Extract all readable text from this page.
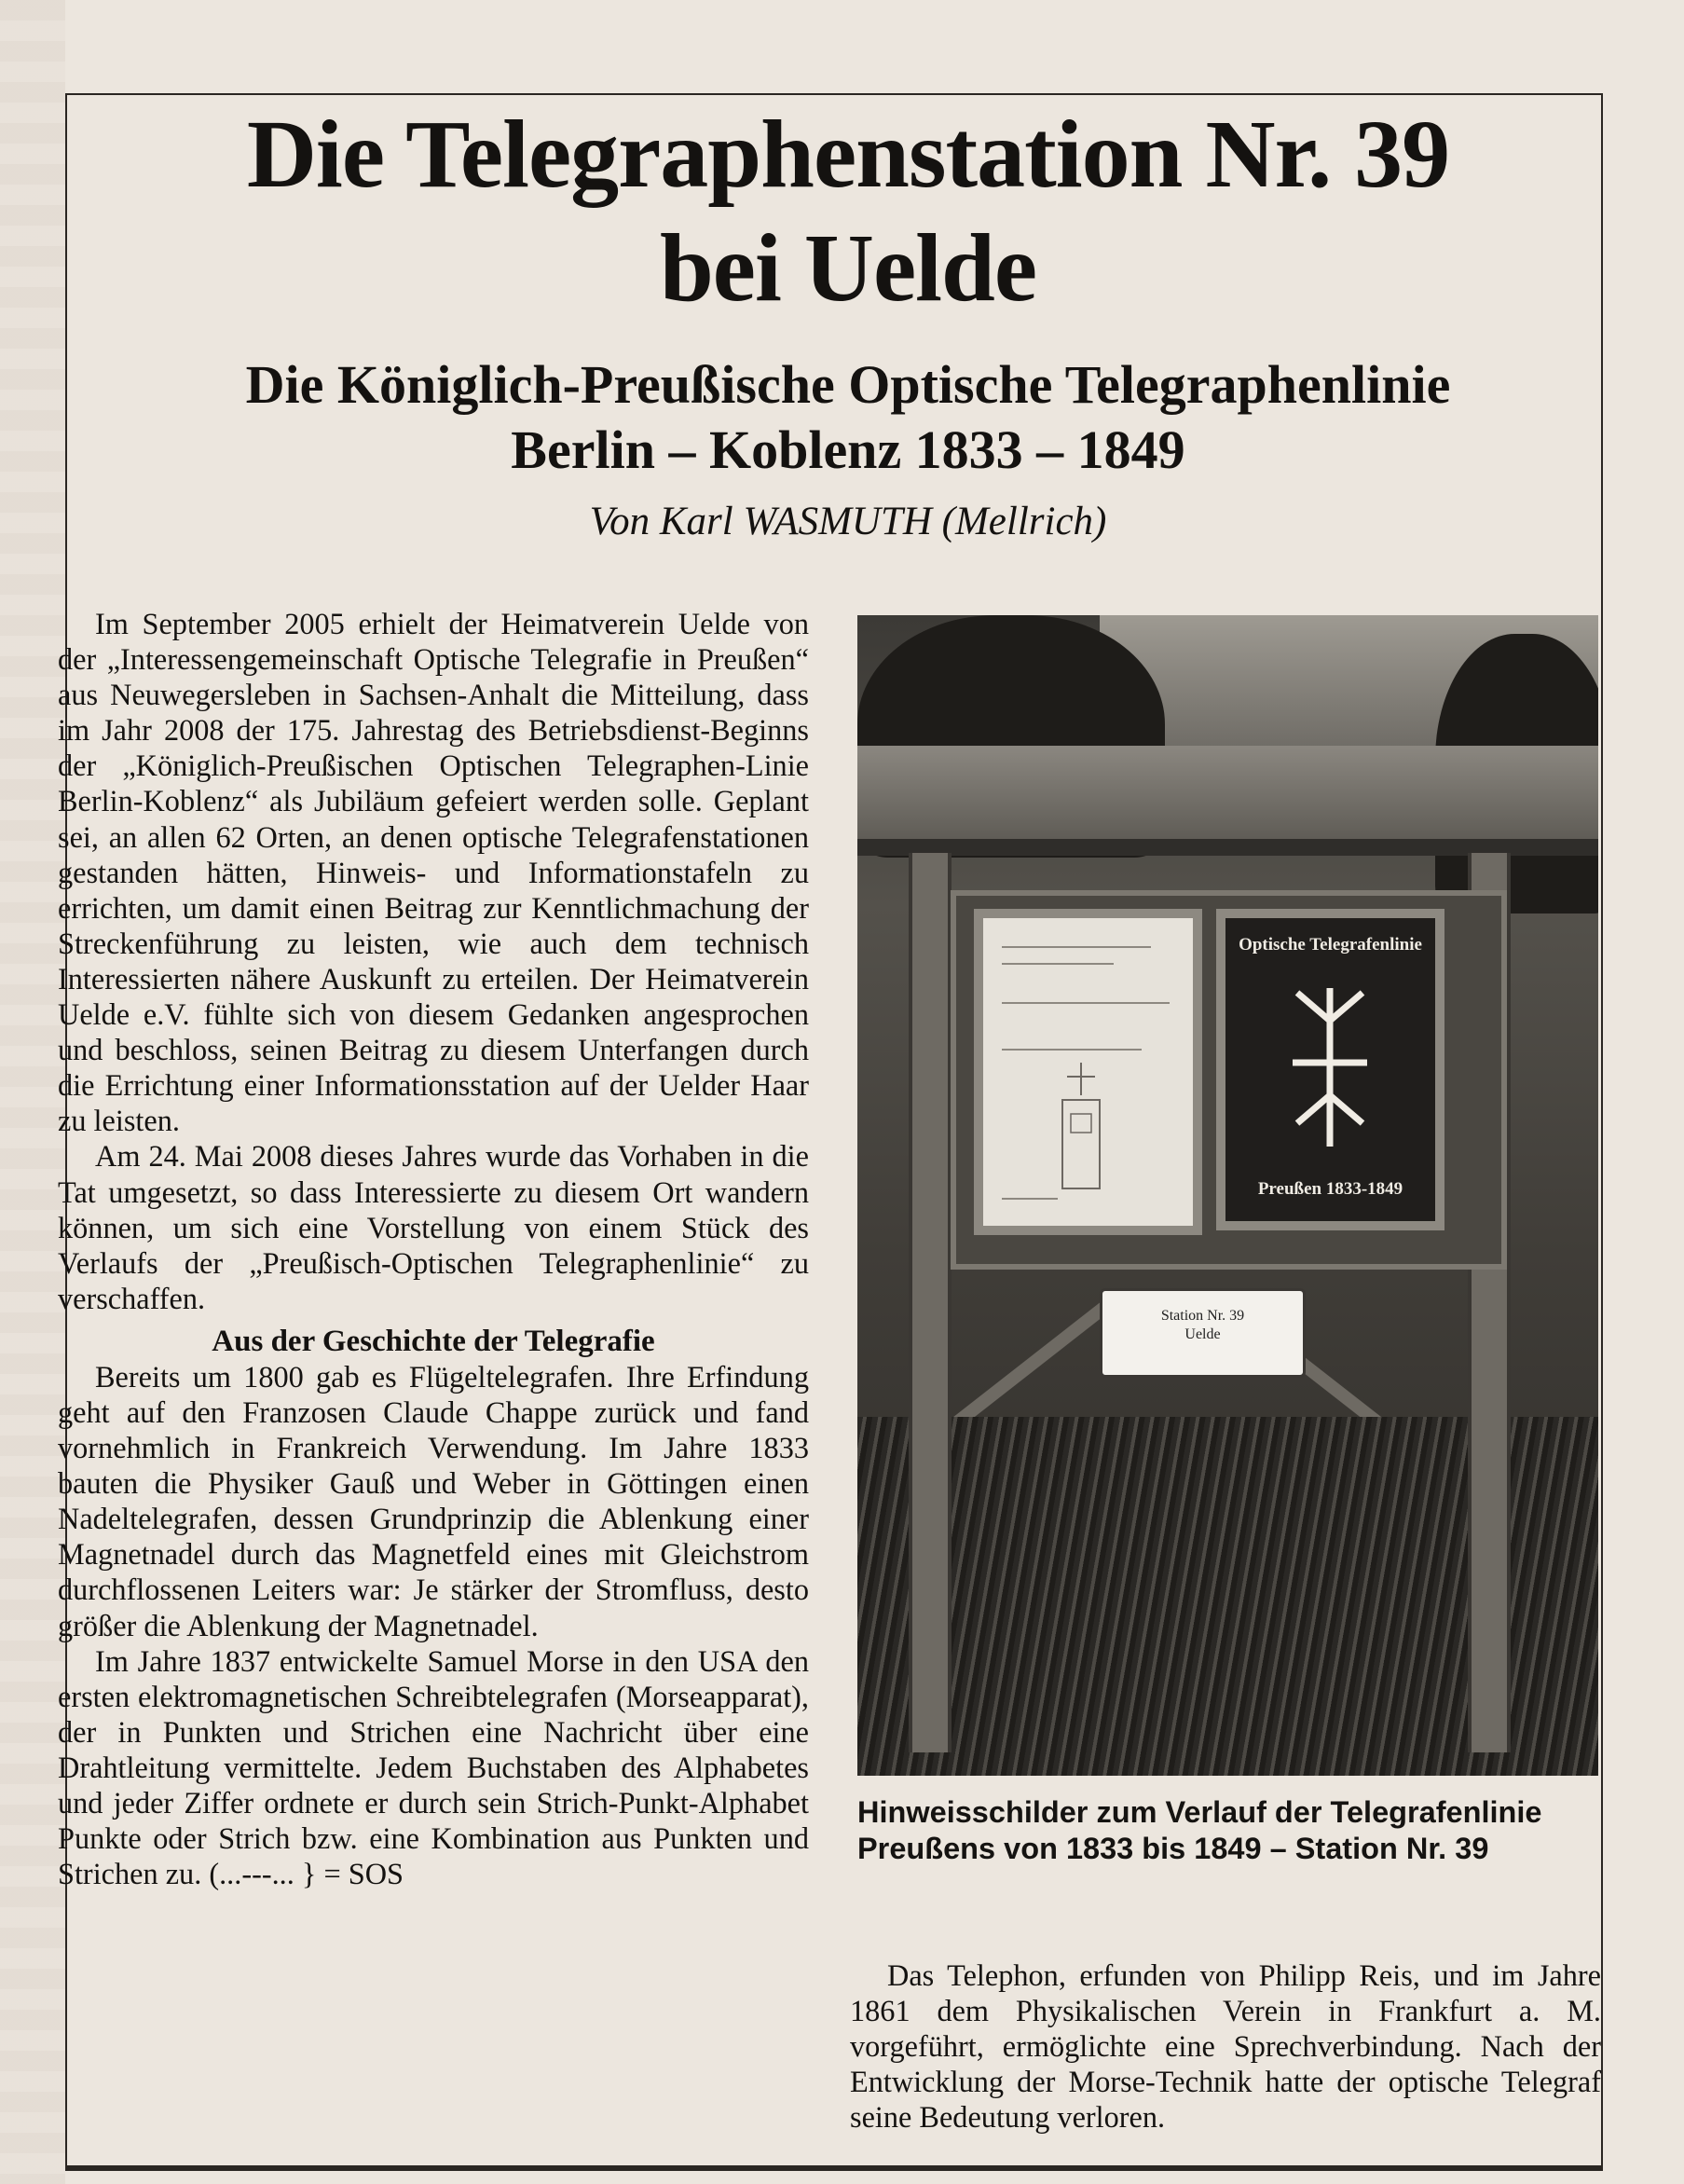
Die Telegraphenstation Nr. 39
bei Uelde
Die Königlich-Preußische Optische Telegraphenlinie
Berlin – Koblenz 1833 – 1849
Von Karl WASMUTH (Mellrich)

Im September 2005 erhielt der Heimatverein Uelde von der „Interessengemeinschaft Optische Telegrafie in Preußen“ aus Neuwegersleben in Sachsen-Anhalt die Mitteilung, dass im Jahr 2008 der 175. Jahrestag des Betriebsdienst-Beginns der „Königlich-Preußischen Optischen Telegraphen-Linie Berlin-Koblenz“ als Jubiläum gefeiert werden solle. Geplant sei, an allen 62 Orten, an denen optische Telegrafenstationen gestanden hätten, Hinweis- und Informationstafeln zu errichten, um damit einen Beitrag zur Kenntlichmachung der Streckenführung zu leisten, wie auch dem technisch Interessierten nähere Auskunft zu erteilen. Der Heimatverein Uelde e.V. fühlte sich von diesem Gedanken angesprochen und beschloss, seinen Beitrag zu diesem Unterfangen durch die Errichtung einer Informationsstation auf der Uelder Haar zu leisten.

Am 24. Mai 2008 dieses Jahres wurde das Vorhaben in die Tat umgesetzt, so dass Interessierte zu diesem Ort wandern können, um sich eine Vorstellung von einem Stück des Verlaufs der „Preußisch-Optischen Telegraphenlinie“ zu verschaffen.

Aus der Geschichte der Telegrafie

Bereits um 1800 gab es Flügeltelegrafen. Ihre Erfindung geht auf den Franzosen Claude Chappe zurück und fand vornehmlich in Frankreich Verwendung. Im Jahre 1833 bauten die Physiker Gauß und Weber in Göttingen einen Nadeltelegrafen, dessen Grundprinzip die Ablenkung einer Magnetnadel durch das Magnetfeld eines mit Gleichstrom durchflossenen Leiters war: Je stärker der Stromfluss, desto größer die Ablenkung der Magnetnadel.

Im Jahre 1837 entwickelte Samuel Morse in den USA den ersten elektromagnetischen Schreibtelegrafen (Morseapparat), der in Punkten und Strichen eine Nachricht über eine Drahtleitung vermittelte. Jedem Buchstaben des Alphabetes und jeder Ziffer ordnete er durch sein Strich-Punkt-Alphabet Punkte oder Strich bzw. eine Kombination aus Punkten und Strichen zu. (...---... } = SOS

Optische Telegrafenlinie
Preußen 1833-1849
Station Nr. 39
Uelde
Hinweisschilder zum Verlauf der Telegrafenlinie Preußens von 1833 bis 1849 – Station Nr. 39

Das Telephon, erfunden von Philipp Reis, und im Jahre 1861 dem Physikalischen Verein in Frankfurt a. M. vorgeführt, ermöglichte eine Sprechverbindung. Nach der Entwicklung der Morse-Technik hatte der optische Telegraf seine Bedeutung verloren.
